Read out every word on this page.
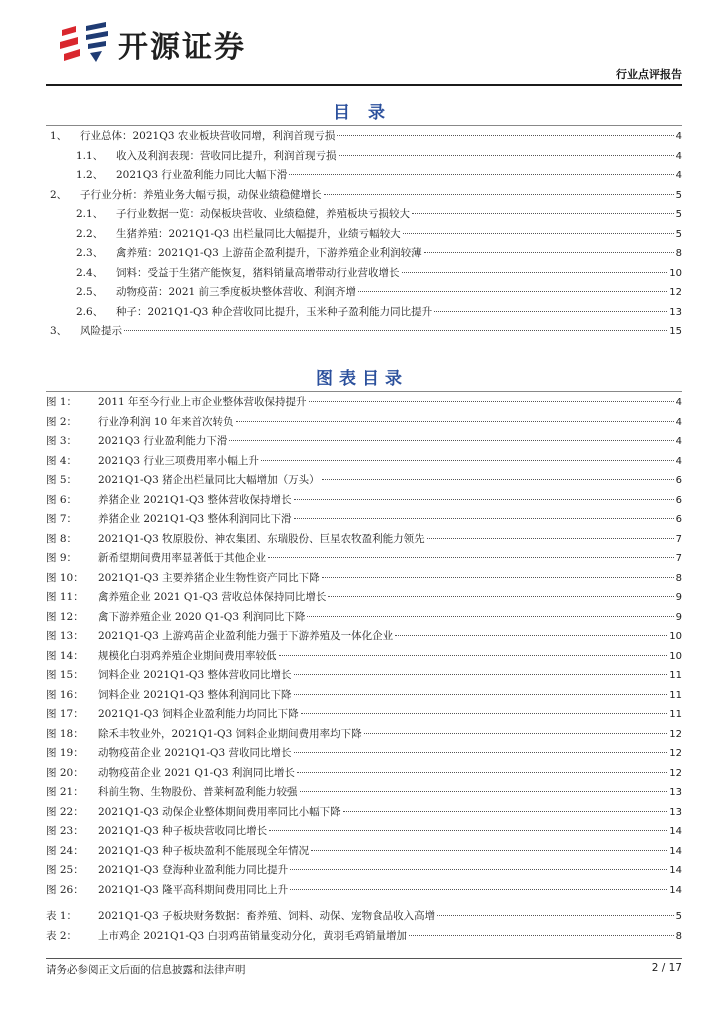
开源证券
行业点评报告
目 录
1、	行业总体：2021Q3 农业板块营收同增，利润首现亏损	4
1.1、	收入及利润表现：营收同比提升，利润首现亏损	4
1.2、	2021Q3 行业盈利能力同比大幅下滑	4
2、	子行业分析：养殖业务大幅亏损，动保业绩稳健增长	5
2.1、	子行业数据一览：动保板块营收、业绩稳健，养殖板块亏损较大	5
2.2、	生猪养殖：2021Q1-Q3 出栏量同比大幅提升，业绩亏幅较大	5
2.3、	禽养殖：2021Q1-Q3 上游苗企盈利提升，下游养殖企业利润较薄	8
2.4、	饲料：受益于生猪产能恢复，猪料销量高增带动行业营收增长	10
2.5、	动物疫苗：2021 前三季度板块整体营收、利润齐增	12
2.6、	种子：2021Q1-Q3 种企营收同比提升，玉米种子盈利能力同比提升	13
3、	风险提示	15
图表目录
图 1：	2011 年至今行业上市企业整体营收保持提升	4
图 2：	行业净利润 10 年来首次转负	4
图 3：	2021Q3 行业盈利能力下滑	4
图 4：	2021Q3 行业三项费用率小幅上升	4
图 5：	2021Q1-Q3 猪企出栏量同比大幅增加（万头）	6
图 6：	养猪企业 2021Q1-Q3 整体营收保持增长	6
图 7：	养猪企业 2021Q1-Q3 整体利润同比下滑	6
图 8：	2021Q1-Q3 牧原股份、神农集团、东瑞股份、巨星农牧盈利能力领先	7
图 9：	新希望期间费用率显著低于其他企业	7
图 10：	2021Q1-Q3 主要养猪企业生物性资产同比下降	8
图 11：	禽养殖企业 2021 Q1-Q3 营收总体保持同比增长	9
图 12：	禽下游养殖企业 2020 Q1-Q3 利润同比下降	9
图 13：	2021Q1-Q3 上游鸡苗企业盈利能力强于下游养殖及一体化企业	10
图 14：	规模化白羽鸡养殖企业期间费用率较低	10
图 15：	饲料企业 2021Q1-Q3 整体营收同比增长	11
图 16：	饲料企业 2021Q1-Q3 整体利润同比下降	11
图 17：	2021Q1-Q3 饲料企业盈利能力均同比下降	11
图 18：	除禾丰牧业外，2021Q1-Q3 饲料企业期间费用率均下降	12
图 19：	动物疫苗企业 2021Q1-Q3 营收同比增长	12
图 20：	动物疫苗企业 2021 Q1-Q3 利润同比增长	12
图 21：	科前生物、生物股份、普莱柯盈利能力较强	13
图 22：	2021Q1-Q3 动保企业整体期间费用率同比小幅下降	13
图 23：	2021Q1-Q3 种子板块营收同比增长	14
图 24：	2021Q1-Q3 种子板块盈利不能展现全年情况	14
图 25：	2021Q1-Q3 登海种业盈利能力同比提升	14
图 26：	2021Q1-Q3 隆平高科期间费用同比上升	14
表 1：	2021Q1-Q3 子板块财务数据：畜养殖、饲料、动保、宠物食品收入高增	5
表 2：	上市鸡企 2021Q1-Q3 白羽鸡苗销量变动分化，黄羽毛鸡销量增加	8
请务必参阅正文后面的信息披露和法律声明	2 / 17
